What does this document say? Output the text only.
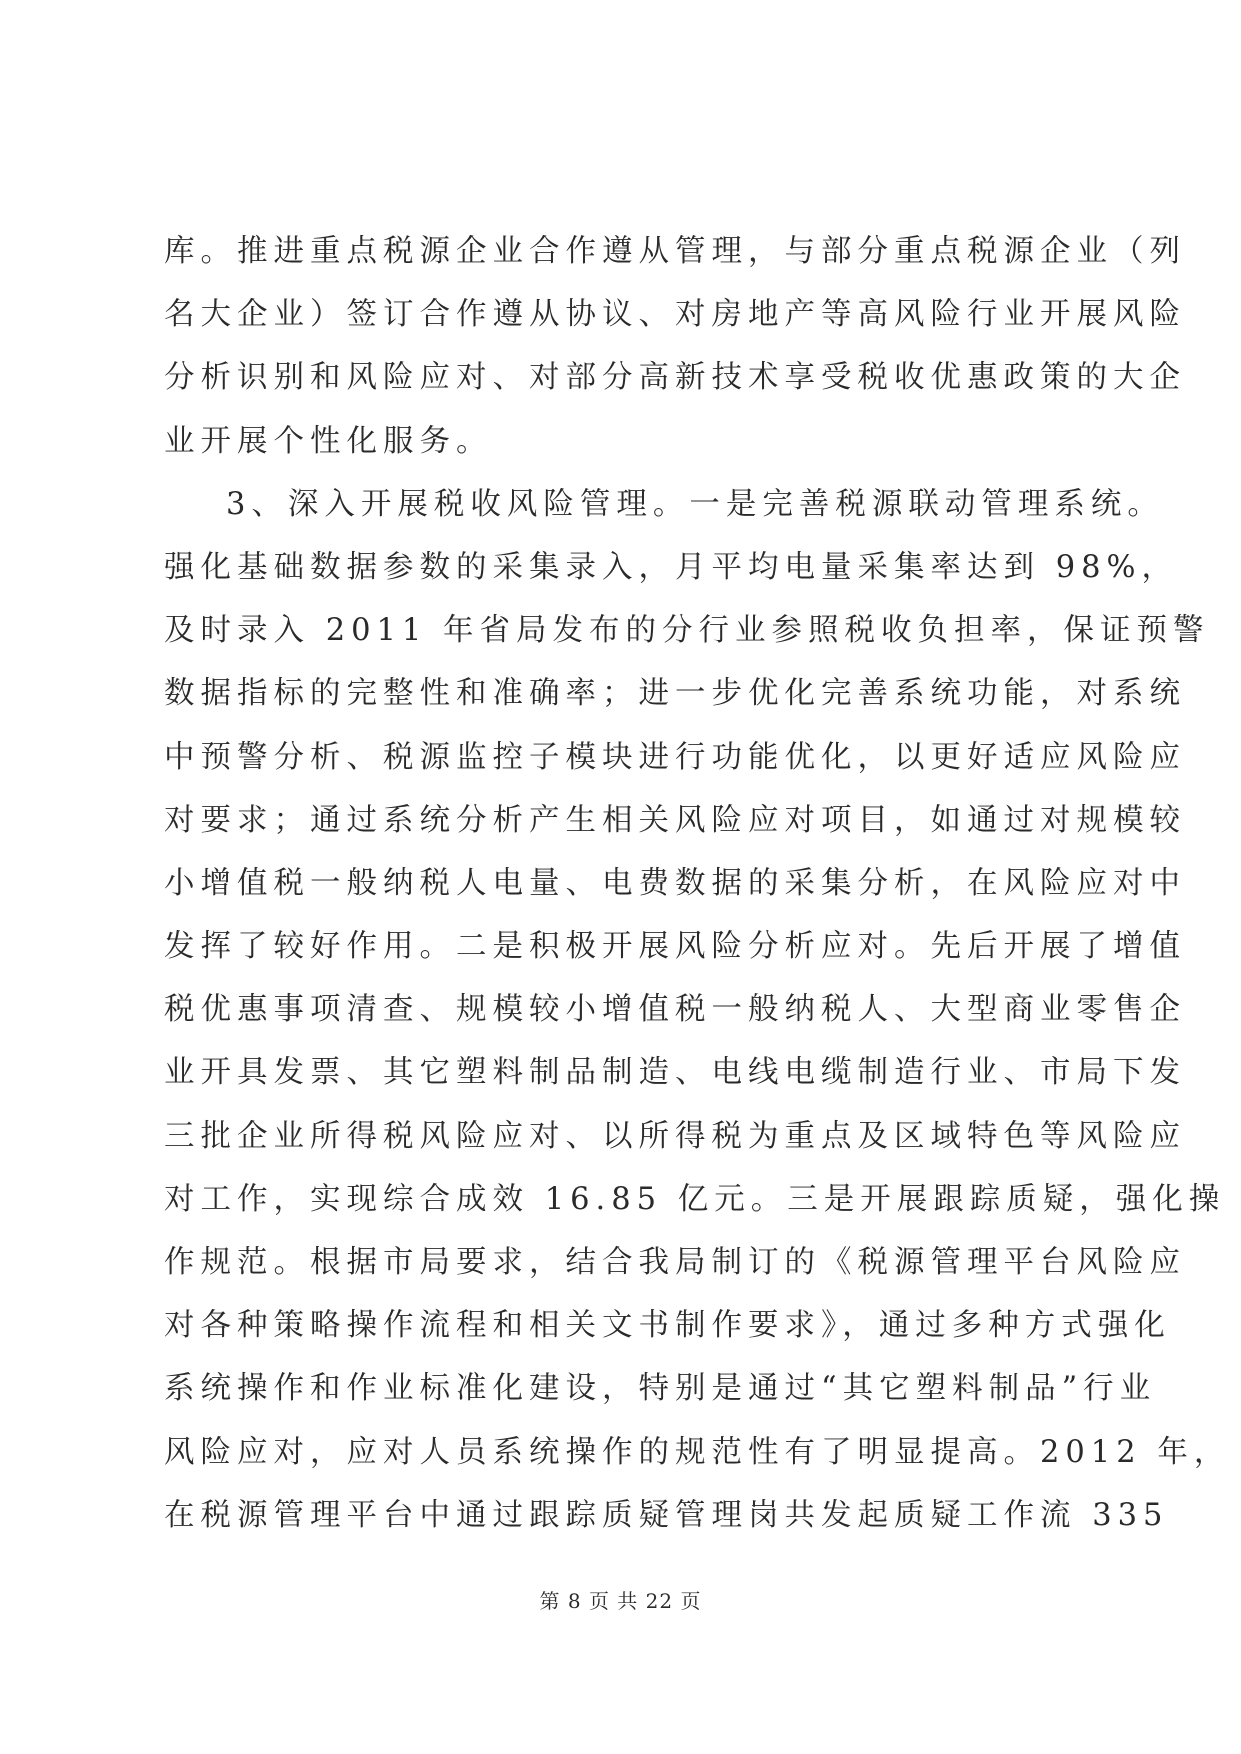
库。推进重点税源企业合作遵从管理，与部分重点税源企业（列
名大企业）签订合作遵从协议、对房地产等高风险行业开展风险
分析识别和风险应对、对部分高新技术享受税收优惠政策的大企
业开展个性化服务。
3、深入开展税收风险管理。一是完善税源联动管理系统。
强化基础数据参数的采集录入，月平均电量采集率达到 98%，
及时录入 2011 年省局发布的分行业参照税收负担率，保证预警
数据指标的完整性和准确率；进一步优化完善系统功能，对系统
中预警分析、税源监控子模块进行功能优化，以更好适应风险应
对要求；通过系统分析产生相关风险应对项目，如通过对规模较
小增值税一般纳税人电量、电费数据的采集分析，在风险应对中
发挥了较好作用。二是积极开展风险分析应对。先后开展了增值
税优惠事项清查、规模较小增值税一般纳税人、大型商业零售企
业开具发票、其它塑料制品制造、电线电缆制造行业、市局下发
三批企业所得税风险应对、以所得税为重点及区域特色等风险应
对工作，实现综合成效 16.85 亿元。三是开展跟踪质疑，强化操
作规范。根据市局要求，结合我局制订的《税源管理平台风险应
对各种策略操作流程和相关文书制作要求》，通过多种方式强化
系统操作和作业标准化建设，特别是通过“其它塑料制品”行业
风险应对，应对人员系统操作的规范性有了明显提高。2012 年，
在税源管理平台中通过跟踪质疑管理岗共发起质疑工作流 335
第 8 页 共 22 页
